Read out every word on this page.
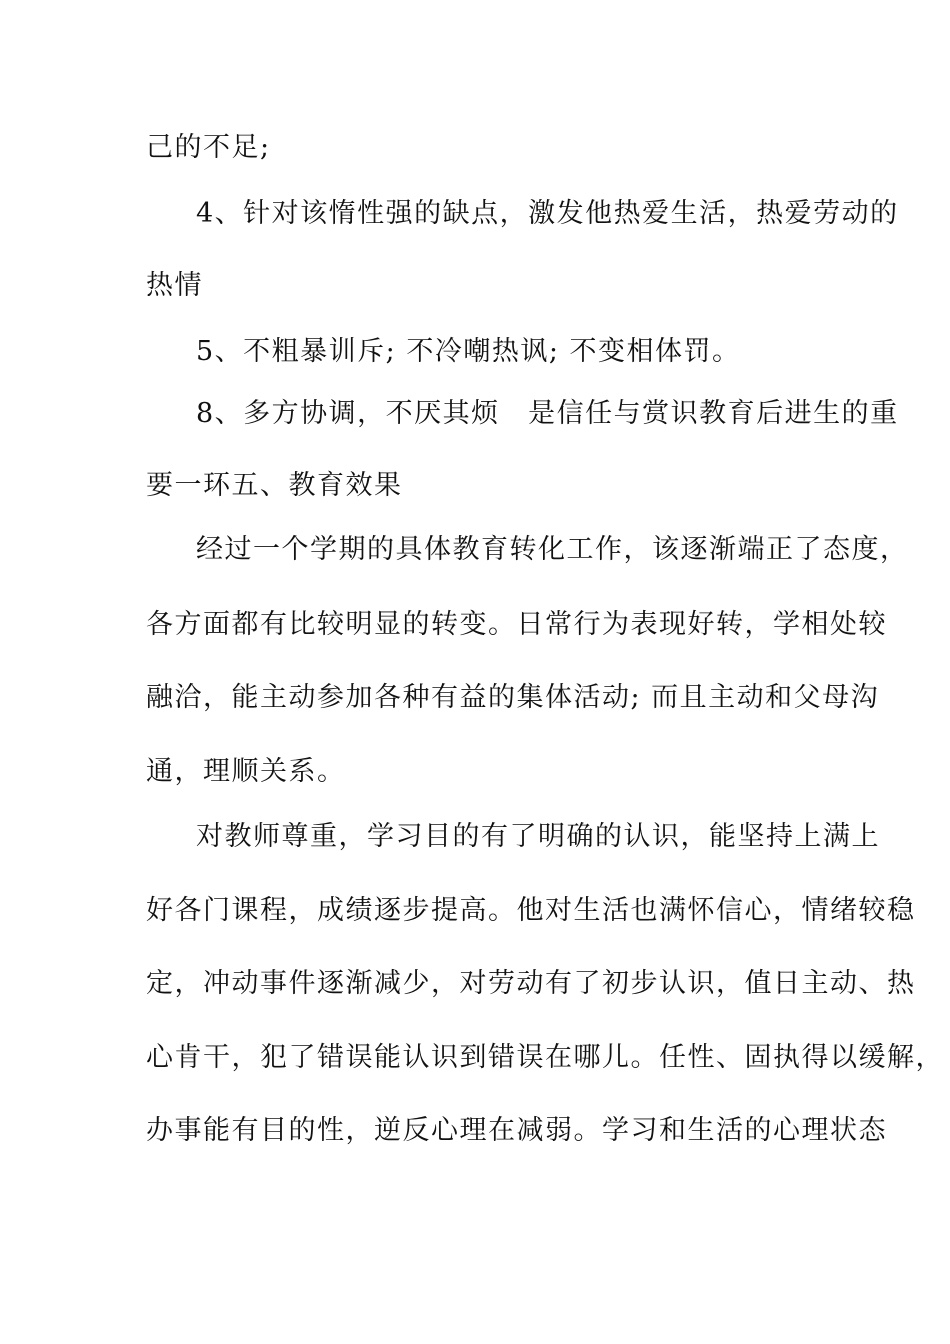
己的不足;
4、针对该惰性强的缺点，激发他热爱生活，热爱劳动的
热情
5、不粗暴训斥; 不冷嘲热讽; 不变相体罚。
8、多方协调，不厌其烦　是信任与赏识教育后进生的重
要一环五、教育效果
经过一个学期的具体教育转化工作，该逐渐端正了态度，
各方面都有比较明显的转变。日常行为表现好转，学相处较
融洽，能主动参加各种有益的集体活动; 而且主动和父母沟
通，理顺关系。
对教师尊重，学习目的有了明确的认识，能坚持上满上
好各门课程，成绩逐步提高。他对生活也满怀信心，情绪较稳
定，冲动事件逐渐减少，对劳动有了初步认识，值日主动、热
心肯干，犯了错误能认识到错误在哪儿。任性、固执得以缓解，
办事能有目的性，逆反心理在减弱。学习和生活的心理状态
